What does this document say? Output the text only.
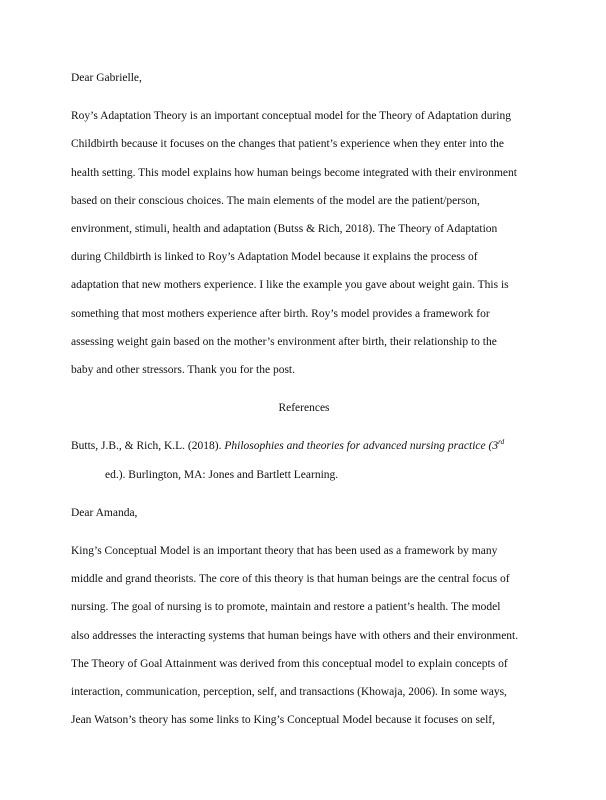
Dear Gabrielle,
Roy’s Adaptation Theory is an important conceptual model for the Theory of Adaptation during
Childbirth because it focuses on the changes that patient’s experience when they enter into the
health setting. This model explains how human beings become integrated with their environment
based on their conscious choices. The main elements of the model are the patient/person,
environment, stimuli, health and adaptation (Butss & Rich, 2018). The Theory of Adaptation
during Childbirth is linked to Roy’s Adaptation Model because it explains the process of
adaptation that new mothers experience. I like the example you gave about weight gain. This is
something that most mothers experience after birth. Roy’s model provides a framework for
assessing weight gain based on the mother’s environment after birth, their relationship to the
baby and other stressors. Thank you for the post.
References
Butts, J.B., & Rich, K.L. (2018). Philosophies and theories for advanced nursing practice (3rd
ed.). Burlington, MA: Jones and Bartlett Learning.
Dear Amanda,
King’s Conceptual Model is an important theory that has been used as a framework by many
middle and grand theorists. The core of this theory is that human beings are the central focus of
nursing. The goal of nursing is to promote, maintain and restore a patient’s health. The model
also addresses the interacting systems that human beings have with others and their environment.
The Theory of Goal Attainment was derived from this conceptual model to explain concepts of
interaction, communication, perception, self, and transactions (Khowaja, 2006). In some ways,
Jean Watson’s theory has some links to King’s Conceptual Model because it focuses on self,
